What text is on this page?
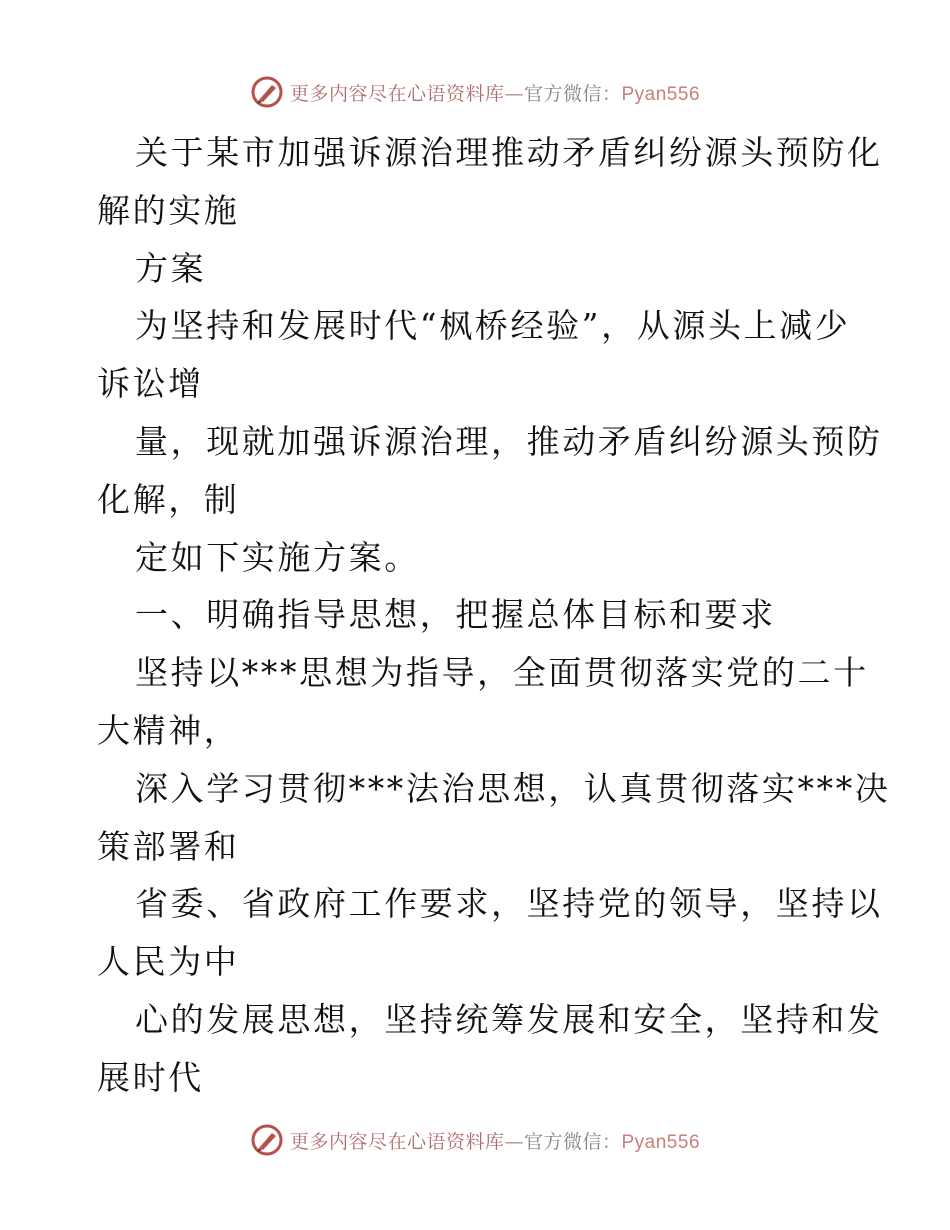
更多内容尽在心语资料库—官方微信：Pyan556
关于某市加强诉源治理推动矛盾纠纷源头预防化
解的实施
方案
为坚持和发展时代“枫桥经验”，从源头上减少
诉讼增
量，现就加强诉源治理，推动矛盾纠纷源头预防
化解，制
定如下实施方案。
一、明确指导思想，把握总体目标和要求
坚持以***思想为指导，全面贯彻落实党的二十
大精神，
深入学习贯彻***法治思想，认真贯彻落实***决
策部署和
省委、省政府工作要求，坚持党的领导，坚持以
人民为中
心的发展思想，坚持统筹发展和安全，坚持和发
展时代
更多内容尽在心语资料库—官方微信：Pyan556
